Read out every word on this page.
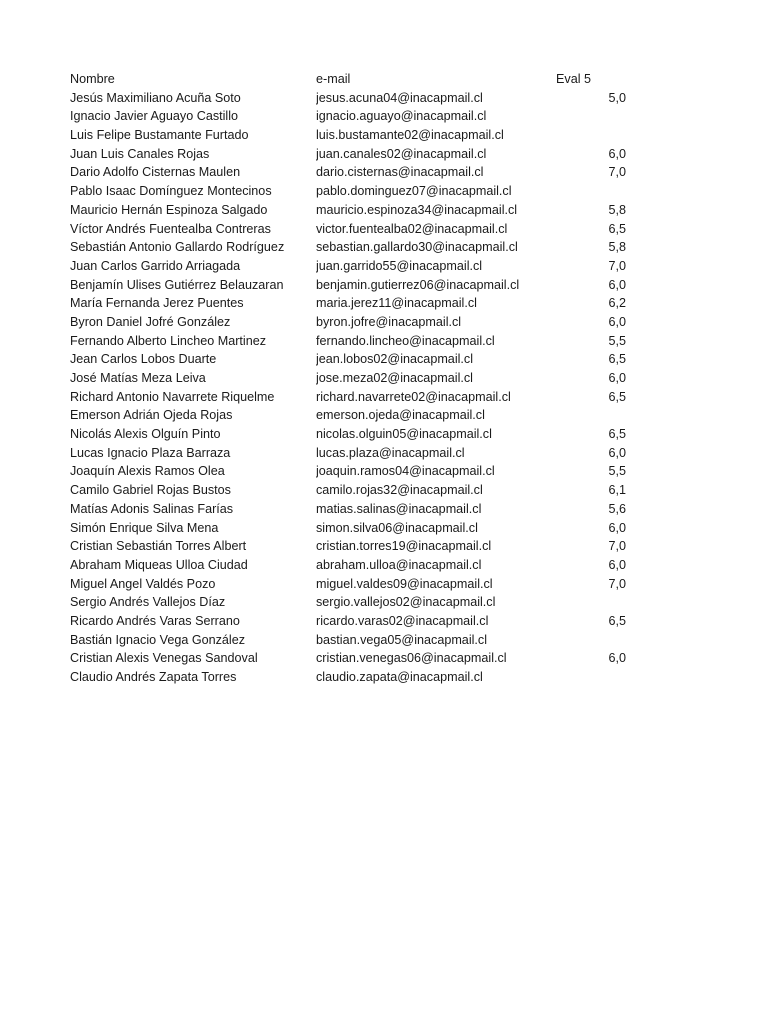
Nombre	e-mail	Eval 5
Jesús Maximiliano Acuña Soto	jesus.acuna04@inacapmail.cl	5,0
Ignacio Javier Aguayo Castillo	ignacio.aguayo@inacapmail.cl
Luis Felipe Bustamante Furtado	luis.bustamante02@inacapmail.cl
Juan Luis Canales Rojas	juan.canales02@inacapmail.cl	6,0
Dario Adolfo Cisternas Maulen	dario.cisternas@inacapmail.cl	7,0
Pablo Isaac Domínguez Montecinos	pablo.dominguez07@inacapmail.cl
Mauricio Hernán Espinoza Salgado	mauricio.espinoza34@inacapmail.cl	5,8
Víctor Andrés Fuentealba Contreras	victor.fuentealba02@inacapmail.cl	6,5
Sebastián Antonio Gallardo Rodríguez	sebastian.gallardo30@inacapmail.cl	5,8
Juan Carlos Garrido Arriagada	juan.garrido55@inacapmail.cl	7,0
Benjamín Ulises Gutiérrez Belauzaran	benjamin.gutierrez06@inacapmail.cl	6,0
María Fernanda Jerez Puentes	maria.jerez11@inacapmail.cl	6,2
Byron Daniel Jofré González	byron.jofre@inacapmail.cl	6,0
Fernando Alberto Lincheo Martinez	fernando.lincheo@inacapmail.cl	5,5
Jean Carlos Lobos Duarte	jean.lobos02@inacapmail.cl	6,5
José Matías Meza Leiva	jose.meza02@inacapmail.cl	6,0
Richard Antonio Navarrete Riquelme	richard.navarrete02@inacapmail.cl	6,5
Emerson Adrián Ojeda Rojas	emerson.ojeda@inacapmail.cl
Nicolás Alexis Olguín Pinto	nicolas.olguin05@inacapmail.cl	6,5
Lucas Ignacio Plaza Barraza	lucas.plaza@inacapmail.cl	6,0
Joaquín Alexis Ramos Olea	joaquin.ramos04@inacapmail.cl	5,5
Camilo Gabriel Rojas Bustos	camilo.rojas32@inacapmail.cl	6,1
Matías Adonis Salinas Farías	matias.salinas@inacapmail.cl	5,6
Simón Enrique Silva Mena	simon.silva06@inacapmail.cl	6,0
Cristian Sebastián Torres Albert	cristian.torres19@inacapmail.cl	7,0
Abraham Miqueas Ulloa Ciudad	abraham.ulloa@inacapmail.cl	6,0
Miguel Angel Valdés Pozo	miguel.valdes09@inacapmail.cl	7,0
Sergio Andrés Vallejos Díaz	sergio.vallejos02@inacapmail.cl
Ricardo Andrés Varas Serrano	ricardo.varas02@inacapmail.cl	6,5
Bastián Ignacio Vega González	bastian.vega05@inacapmail.cl
Cristian Alexis Venegas Sandoval	cristian.venegas06@inacapmail.cl	6,0
Claudio Andrés Zapata Torres	claudio.zapata@inacapmail.cl
